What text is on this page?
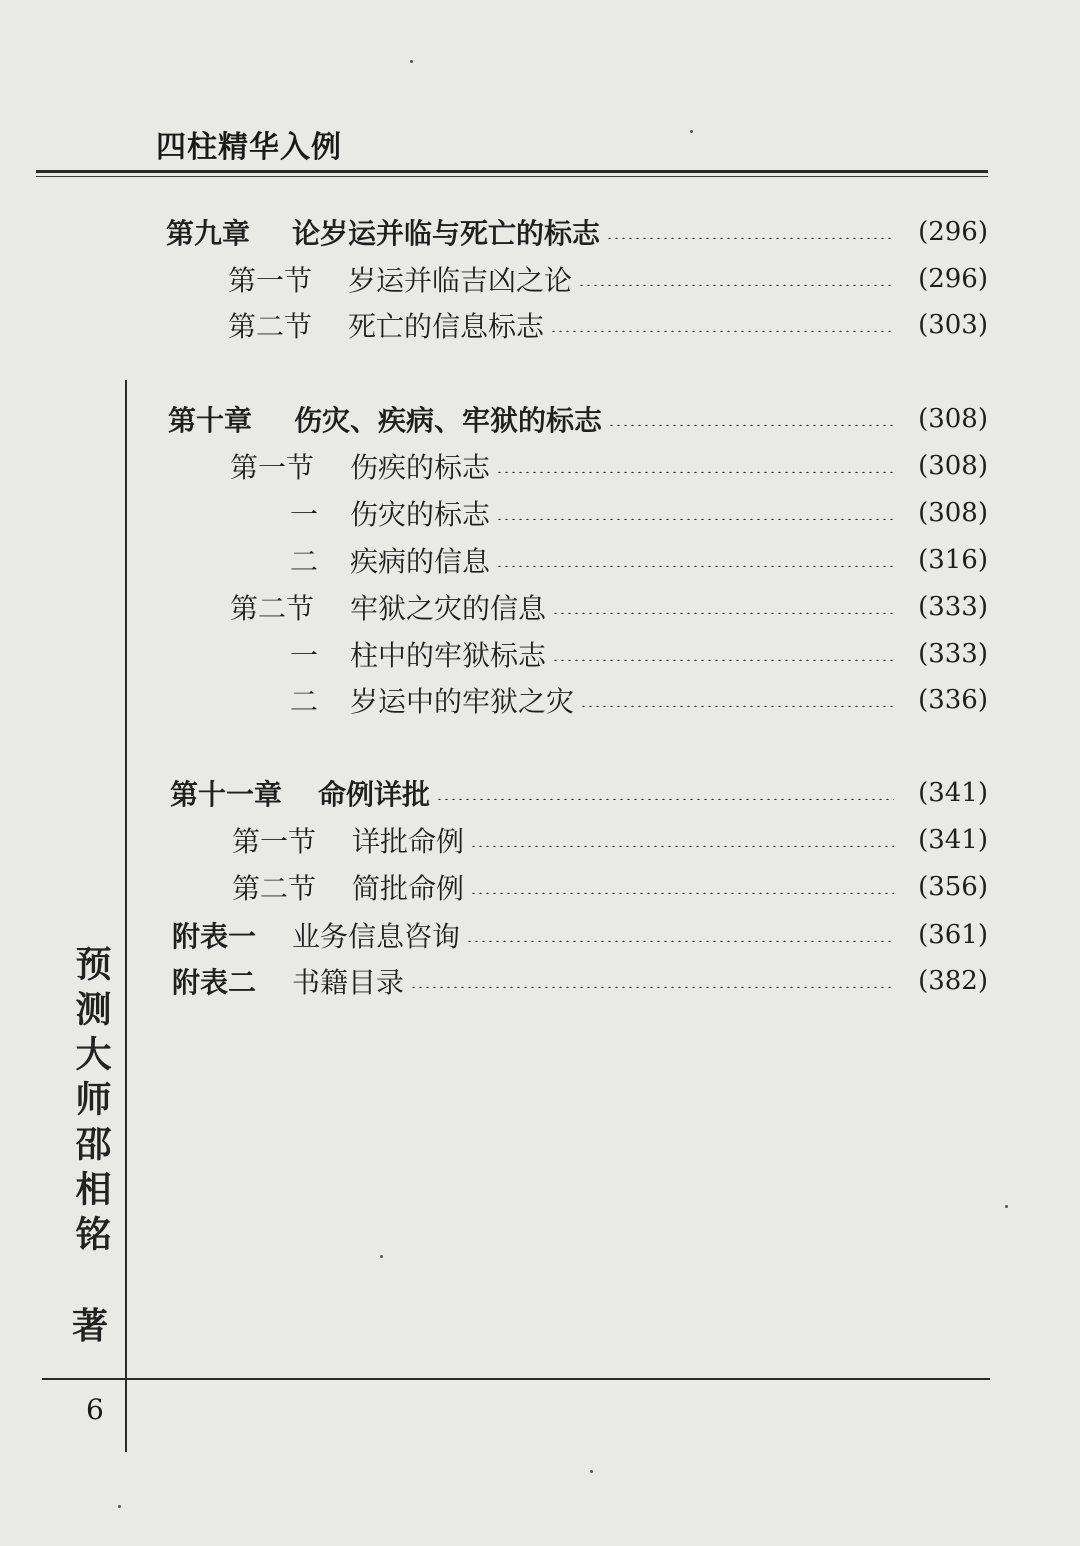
四柱精华入例
第九章	论岁运并临与死亡的标志	(296)
第一节	岁运并临吉凶之论	(296)
第二节	死亡的信息标志	(303)
第十章	伤灾、疾病、牢狱的标志	(308)
第一节	伤疾的标志	(308)
一	伤灾的标志	(308)
二	疾病的信息	(316)
第二节	牢狱之灾的信息	(333)
一	柱中的牢狱标志	(333)
二	岁运中的牢狱之灾	(336)
第十一章	命例详批	(341)
第一节	详批命例	(341)
第二节	简批命例	(356)
附表一	业务信息咨询	(361)
附表二	书籍目录	(382)
预测大师邵相铭
著
6
